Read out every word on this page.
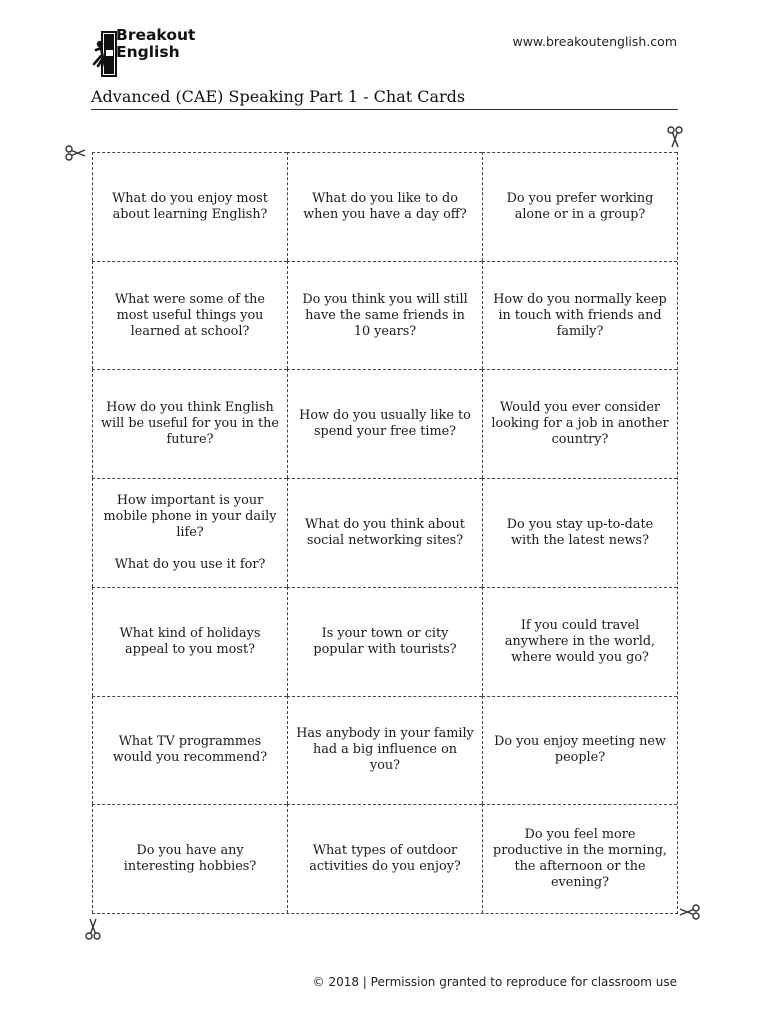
Breakout
English
www.breakoutenglish.com
Advanced (CAE) Speaking Part 1 - Chat Cards
What do you enjoy most about learning English?
What do you like to do when you have a day off?
Do you prefer working alone or in a group?
What were some of the most useful things you learned at school?
Do you think you will still have the same friends in 10 years?
How do you normally keep in touch with friends and family?
How do you think English will be useful for you in the future?
How do you usually like to spend your free time?
Would you ever consider looking for a job in another country?
How important is your mobile phone in your daily life?
What do you use it for?
What do you think about social networking sites?
Do you stay up-to-date with the latest news?
What kind of holidays appeal to you most?
Is your town or city popular with tourists?
If you could travel anywhere in the world, where would you go?
What TV programmes would you recommend?
Has anybody in your family had a big influence on you?
Do you enjoy meeting new people?
Do you have any interesting hobbies?
What types of outdoor activities do you enjoy?
Do you feel more productive in the morning, the afternoon or the evening?
© 2018 | Permission granted to reproduce for classroom use
